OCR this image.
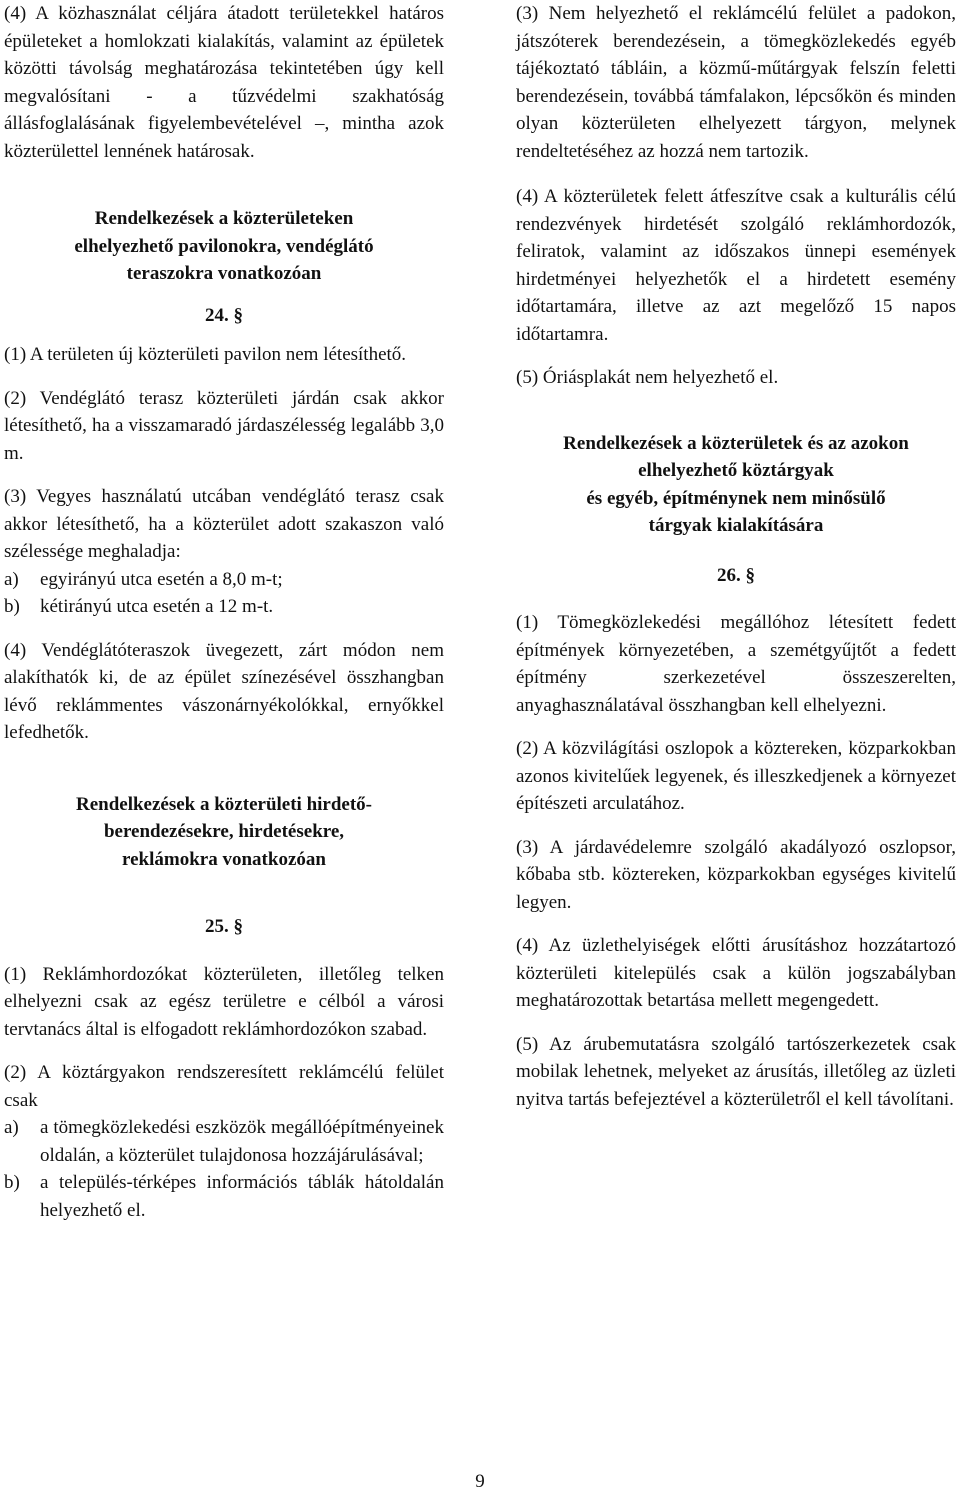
(4) A közhasználat céljára átadott területekkel határos épületeket a homlokzati kialakítás, valamint az épületek közötti távolság meghatározása tekintetében úgy kell megvalósítani - a tűzvédelmi szakhatóság állásfoglalásának figyelembevételével –, mintha azok közterülettel lennének határosak.

Rendelkezések a közterületeken

elhelyezhető pavilonokra, vendéglátó

teraszokra vonatkozóan

24. §

(1) A területen új közterületi pavilon nem létesíthető.

(2) Vendéglátó terasz közterületi járdán csak akkor létesíthető, ha a visszamaradó járdaszélesség legalább 3,0 m.

(3) Vegyes használatú utcában vendéglátó terasz csak akkor létesíthető, ha a közterület adott szakaszon való szélessége meghaladja:

a) egyirányú utca esetén a 8,0 m-t;
b) kétirányú utca esetén a 12 m-t.

(4) Vendéglátóteraszok üvegezett, zárt módon nem alakíthatók ki, de az épület színezésével összhangban lévő reklámmentes vászonárnyékolókkal, ernyőkkel lefedhetők.

Rendelkezések a közterületi hirdető-

berendezésekre, hirdetésekre,

reklámokra vonatkozóan

25. §

(1) Reklámhordozókat közterületen, illetőleg telken elhelyezni csak az egész területre e célból a városi tervtanács által is elfogadott reklámhordozókon szabad.

(2) A köztárgyakon rendszeresített reklámcélú felület csak

a) a tömegközlekedési eszközök megállóépítményeinek oldalán, a közterület tulajdonosa hozzájárulásával;

b) a település-térképes információs táblák hátoldalán helyezhető el.

(3) Nem helyezhető el reklámcélú felület a padokon, játszóterek berendezésein, a tömegközlekedés egyéb tájékoztató tábláin, a közmű-műtárgyak felszín feletti berendezésein, továbbá támfalakon, lépcsőkön és minden olyan közterületen elhelyezett tárgyon, melynek rendeltetéséhez az hozzá nem tartozik.

(4) A közterületek felett átfeszítve csak a kulturális célú rendezvények hirdetését szolgáló reklámhordozók, feliratok, valamint az időszakos ünnepi események hirdetményei helyezhetők el a hirdetett esemény időtartamára, illetve az azt megelőző 15 napos időtartamra.

(5) Óriásplakát nem helyezhető el.

Rendelkezések a közterületek és az azokon

elhelyezhető köztárgyak

és egyéb, építménynek nem minősülő

tárgyak kialakítására

26. §

(1) Tömegközlekedési megállóhoz létesített fedett építmények környezetében, a szemétgyűjtőt a fedett építmény szerkezetével összeszerelten, anyaghasználatával összhangban kell elhelyezni.

(2) A közvilágítási oszlopok a köztereken, közparkokban azonos kivitelűek legyenek, és illeszkedjenek a környezet építészeti arculatához.

(3) A járdavédelemre szolgáló akadályozó oszlopsor, kőbaba stb. köztereken, közparkokban egységes kivitelű legyen.

(4) Az üzlethelyiségek előtti árusításhoz hozzátartozó közterületi kitelepülés csak a külön jogszabályban meghatározottak betartása mellett megengedett.

(5) Az árubemutatásra szolgáló tartószerkezetek csak mobilak lehetnek, melyeket az árusítás, illetőleg az üzleti nyitva tartás befejeztével a közterületről el kell távolítani.

9
